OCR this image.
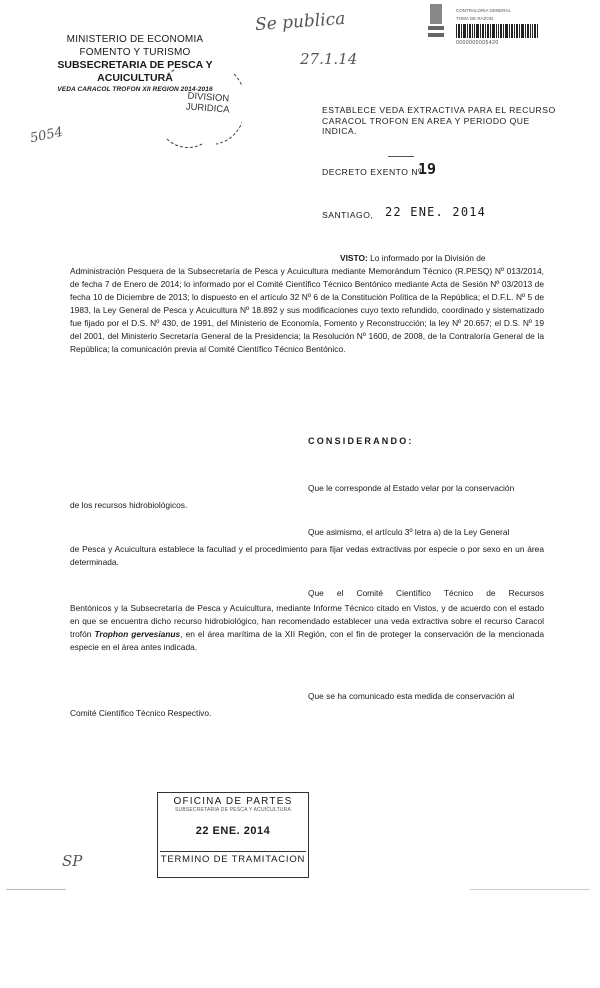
MINISTERIO DE ECONOMIA
FOMENTO Y TURISMO
SUBSECRETARIA DE PESCA Y ACUICULTURA
VEDA CARACOL TROFON XII REGION 2014-2016
DIVISION
JURIDICA
Se publica
27.1.14
5054
SP
CONTRALORIA GENERAL
TOMA DE RAZON
0000000005420
ESTABLECE VEDA EXTRACTIVA PARA EL RECURSO
CARACOL TROFON EN AREA Y PERIODO QUE INDICA.
DECRETO EXENTO Nº
19
SANTIAGO, 22 ENE. 2014
VISTO: Lo informado por la División de
Administración Pesquera de la Subsecretaría de Pesca y Acuicultura mediante Memorándum Técnico (R.PESQ) Nº 013/2014, de fecha 7 de Enero de 2014; lo informado por el Comité Científico Técnico Bentónico mediante Acta de Sesión Nº 03/2013 de fecha 10 de Diciembre de 2013; lo dispuesto en el artículo 32 Nº 6 de la Constitución Política de la República; el D.F.L. Nº 5 de 1983, la Ley General de Pesca y Acuicultura Nº 18.892 y sus modificaciones cuyo texto refundido, coordinado y sistematizado fue fijado por el D.S. Nº 430, de 1991, del Ministerio de Economía, Fomento y Reconstrucción; la ley Nº 20.657; el D.S. Nº 19 del 2001, del Ministerio Secretaría General de la Presidencia; la Resolución Nº 1600, de 2008, de la Contraloría General de la República; la comunicación previa al Comité Científico Técnico Bentónico.
CONSIDERANDO:
Que le corresponde al Estado velar por la conservación
de los recursos hidrobiológicos.
Que asimismo, el artículo 3º letra a) de la Ley General
de Pesca y Acuicultura establece la facultad y el procedimiento para fijar vedas extractivas por especie o por sexo en un área determinada.
Que el Comité Científico Técnico de Recursos
Bentónicos y la Subsecretaría de Pesca y Acuicultura, mediante Informe Técnico citado en Vistos, y de acuerdo con el estado en que se encuentra dicho recurso hidrobiológico, han recomendado establecer una veda extractiva sobre el recurso Caracol trofón Trophon gervesianus, en el área marítima de la XII Región, con el fin de proteger la conservación de la mencionada especie en el área antes indicada.
Que se ha comunicado esta medida de conservación al
Comité Científico Técnico Respectivo.
OFICINA DE PARTES
SUBSECRETARIA DE PESCA Y ACUICULTURA
22 ENE. 2014
TERMINO DE TRAMITACION
